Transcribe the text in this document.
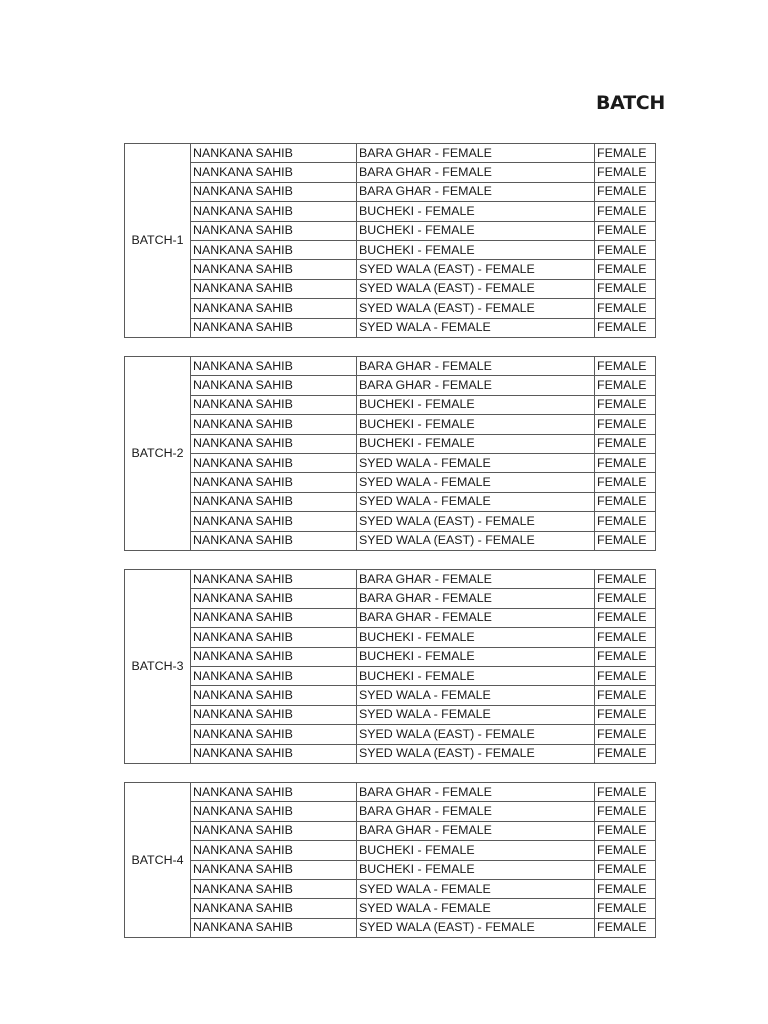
BATCH
BATCH-1	NANKANA SAHIB	BARA GHAR - FEMALE	FEMALE
	NANKANA SAHIB	BARA GHAR - FEMALE	FEMALE
	NANKANA SAHIB	BARA GHAR - FEMALE	FEMALE
	NANKANA SAHIB	BUCHEKI - FEMALE	FEMALE
	NANKANA SAHIB	BUCHEKI - FEMALE	FEMALE
	NANKANA SAHIB	BUCHEKI - FEMALE	FEMALE
	NANKANA SAHIB	SYED WALA (EAST) - FEMALE	FEMALE
	NANKANA SAHIB	SYED WALA (EAST) - FEMALE	FEMALE
	NANKANA SAHIB	SYED WALA (EAST) - FEMALE	FEMALE
	NANKANA SAHIB	SYED WALA - FEMALE	FEMALE
BATCH-2	NANKANA SAHIB	BARA GHAR - FEMALE	FEMALE
	NANKANA SAHIB	BARA GHAR - FEMALE	FEMALE
	NANKANA SAHIB	BUCHEKI - FEMALE	FEMALE
	NANKANA SAHIB	BUCHEKI - FEMALE	FEMALE
	NANKANA SAHIB	BUCHEKI - FEMALE	FEMALE
	NANKANA SAHIB	SYED WALA - FEMALE	FEMALE
	NANKANA SAHIB	SYED WALA - FEMALE	FEMALE
	NANKANA SAHIB	SYED WALA - FEMALE	FEMALE
	NANKANA SAHIB	SYED WALA (EAST) - FEMALE	FEMALE
	NANKANA SAHIB	SYED WALA (EAST) - FEMALE	FEMALE
BATCH-3	NANKANA SAHIB	BARA GHAR - FEMALE	FEMALE
	NANKANA SAHIB	BARA GHAR - FEMALE	FEMALE
	NANKANA SAHIB	BARA GHAR - FEMALE	FEMALE
	NANKANA SAHIB	BUCHEKI - FEMALE	FEMALE
	NANKANA SAHIB	BUCHEKI - FEMALE	FEMALE
	NANKANA SAHIB	BUCHEKI - FEMALE	FEMALE
	NANKANA SAHIB	SYED WALA - FEMALE	FEMALE
	NANKANA SAHIB	SYED WALA - FEMALE	FEMALE
	NANKANA SAHIB	SYED WALA (EAST) - FEMALE	FEMALE
	NANKANA SAHIB	SYED WALA (EAST) - FEMALE	FEMALE
BATCH-4	NANKANA SAHIB	BARA GHAR - FEMALE	FEMALE
	NANKANA SAHIB	BARA GHAR - FEMALE	FEMALE
	NANKANA SAHIB	BARA GHAR - FEMALE	FEMALE
	NANKANA SAHIB	BUCHEKI - FEMALE	FEMALE
	NANKANA SAHIB	BUCHEKI - FEMALE	FEMALE
	NANKANA SAHIB	SYED WALA - FEMALE	FEMALE
	NANKANA SAHIB	SYED WALA - FEMALE	FEMALE
	NANKANA SAHIB	SYED WALA (EAST) - FEMALE	FEMALE
